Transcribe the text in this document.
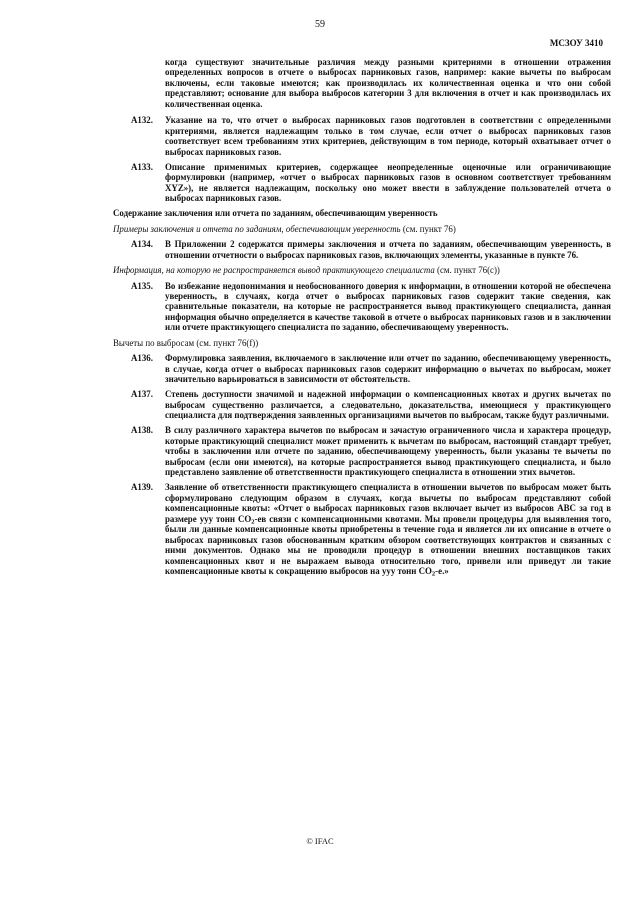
59
МСЗОУ 3410
когда существуют значительные различия между разными критериями в отношении отражения определенных вопросов в отчете о выбросах парниковых газов, например: какие вычеты по выбросам включены, если таковые имеются; как производилась их количественная оценка и что они собой представляют; основание для выбора выбросов категории 3 для включения в отчет и как производилась их количественная оценка.
A132. Указание на то, что отчет о выбросах парниковых газов подготовлен в соответствии с определенными критериями, является надлежащим только в том случае, если отчет о выбросах парниковых газов соответствует всем требованиям этих критериев, действующим в том периоде, который охватывает отчет о выбросах парниковых газов.
A133. Описание применимых критериев, содержащее неопределенные оценочные или ограничивающие формулировки (например, «отчет о выбросах парниковых газов в основном соответствует требованиям XYZ»), не является надлежащим, поскольку оно может ввести в заблуждение пользователей отчета о выбросах парниковых газов.
Содержание заключения или отчета по заданиям, обеспечивающим уверенность
Примеры заключения и отчета по заданиям, обеспечивающим уверенность (см. пункт 76)
A134. В Приложении 2 содержатся примеры заключения и отчета по заданиям, обеспечивающим уверенность, в отношении отчетности о выбросах парниковых газов, включающих элементы, указанные в пункте 76.
Информация, на которую не распространяется вывод практикующего специалиста (см. пункт 76(с))
A135. Во избежание недопонимания и необоснованного доверия к информации, в отношении которой не обеспечена уверенность, в случаях, когда отчет о выбросах парниковых газов содержит такие сведения, как сравнительные показатели, на которые не распространяется вывод практикующего специалиста, данная информация обычно определяется в качестве таковой в отчете о выбросах парниковых газов и в заключении или отчете практикующего специалиста по заданию, обеспечивающему уверенность.
Вычеты по выбросам (см. пункт 76(f))
A136. Формулировка заявления, включаемого в заключение или отчет по заданию, обеспечивающему уверенность, в случае, когда отчет о выбросах парниковых газов содержит информацию о вычетах по выбросам, может значительно варьироваться в зависимости от обстоятельств.
A137. Степень доступности значимой и надежной информации о компенсационных квотах и других вычетах по выбросам существенно различается, а следовательно, доказательства, имеющиеся у практикующего специалиста для подтверждения заявленных организациями вычетов по выбросам, также будут различными.
A138. В силу различного характера вычетов по выбросам и зачастую ограниченного числа и характера процедур, которые практикующий специалист может применить к вычетам по выбросам, настоящий стандарт требует, чтобы в заключении или отчете по заданию, обеспечивающему уверенность, были указаны те вычеты по выбросам (если они имеются), на которые распространяется вывод практикующего специалиста, и было представлено заявление об ответственности практикующего специалиста в отношении этих вычетов.
A139. Заявление об ответственности практикующего специалиста в отношении вычетов по выбросам может быть сформулировано следующим образом в случаях, когда вычеты по выбросам представляют собой компенсационные квоты: «Отчет о выбросах парниковых газов включает вычет из выбросов ABC за год в размере ууу тонн $CO_2-ев$ связи с компенсационными квотами. Мы провели процедуры для выявления того, были ли данные компенсационные квоты приобретены в течение года и является ли их описание в отчете о выбросах парниковых газов обоснованным кратким обзором соответствующих контрактов и связанных с ними документов. Однако мы не проводили процедур в отношении внешних поставщиков таких компенсационных квот и не выражаем вывода относительно того, привели или приведут ли такие компенсационные квоты к сокращению выбросов на ууу тонн $CO_2-е$.»
© IFAC
